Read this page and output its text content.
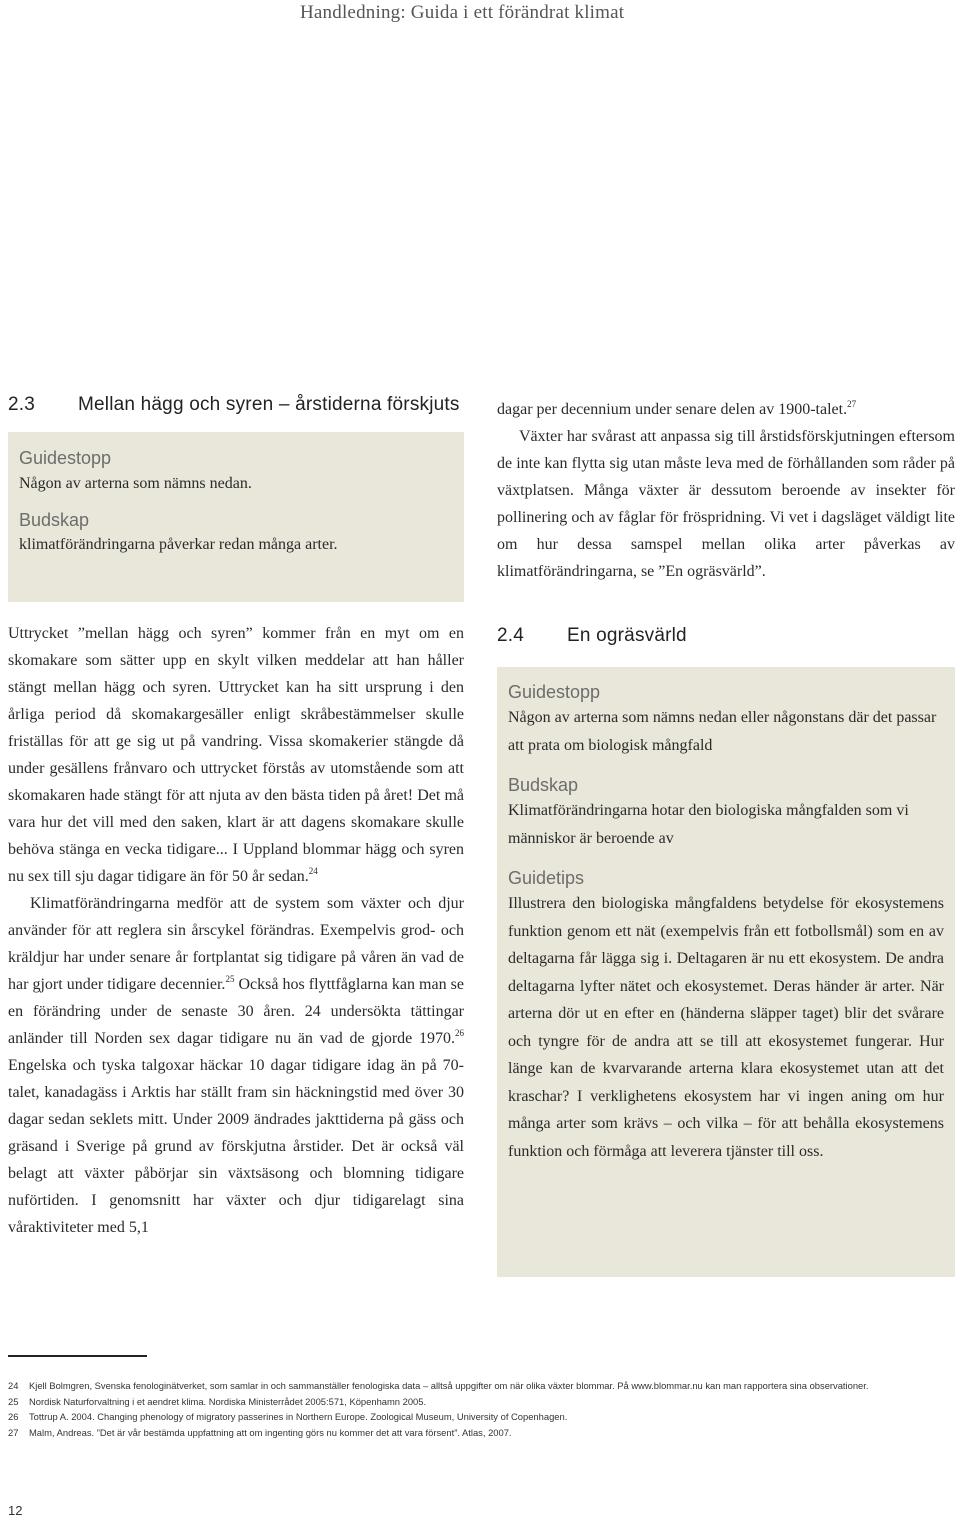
Handledning: Guida i ett förändrat klimat
2.3 Mellan hägg och syren – årstiderna förskjuts

Guidestopp

Någon av arterna som nämns nedan.

Budskap

klimatförändringarna påverkar redan många arter.

Uttrycket ”mellan hägg och syren” kommer från en myt om en skomakare som sätter upp en skylt vilken meddelar att han håller stängt mellan hägg och syren. Uttrycket kan ha sitt ursprung i den årliga period då skomakargesäller enligt skråbestämmelser skulle friställas för att ge sig ut på vandring. Vissa skomakerier stängde då under gesällens frånvaro och uttrycket förstås av utomstående som att skomakaren hade stängt för att njuta av den bästa tiden på året! Det må vara hur det vill med den saken, klart är att dagens skomakare skulle behöva stänga en vecka tidigare... I Uppland blommar hägg och syren nu sex till sju dagar tidigare än för 50 år sedan.$^{24}$

Klimatförändringarna medför att de system som växter och djur använder för att reglera sin årscykel förändras. Exempelvis grod- och kräldjur har under senare år fortplantat sig tidigare på våren än vad de har gjort under tidigare decennier.$^{25}$ Också hos flyttfåglarna kan man se en förändring under de senaste 30 åren. 24 undersökta tättingar anländer till Norden sex dagar tidigare nu än vad de gjorde 1970.26 Engelska och tyska talgoxar häckar 10 dagar tidigare idag än på 70-talet, kanadagäss i Arktis har ställt fram sin häckningstid med över 30 dagar sedan seklets mitt. Under 2009 ändrades jakttiderna på gäss och gräsand i Sverige på grund av förskjutna årstider. Det är också väl belagt att växter påbörjar sin växtsäsong och blomning tidigare nuförtiden. I genomsnitt har växter och djur tidigarelagt sina våraktiviteter med 5,1

dagar per decennium under senare delen av 1900-talet.$^{27}$

Växter har svårast att anpassa sig till årstidsförskjutningen eftersom de inte kan flytta sig utan måste leva med de förhållanden som råder på växtplatsen. Många växter är dessutom beroende av insekter för pollinering och av fåglar för fröspridning. Vi vet i dagsläget väldigt lite om hur dessa samspel mellan olika arter påverkas av klimatförändringarna, se ”En ogräsvärld”.

2.4 En ogräsvärld

Guidestopp

Någon av arterna som nämns nedan eller någonstans där det passar att prata om biologisk mångfald

Budskap

Klimatförändringarna hotar den biologiska mångfalden som vi människor är beroende av

Guidetips

Illustrera den biologiska mångfaldens betydelse för ekosystemens funktion genom ett nät (exempelvis från ett fotbollsmål) som en av deltagarna får lägga sig i. Deltagaren är nu ett ekosystem. De andra deltagarna lyfter nätet och ekosystemet. Deras händer är arter. När arterna dör ut en efter en (händerna släpper taget) blir det svårare och tyngre för de andra att se till att ekosystemet fungerar. Hur länge kan de kvarvarande arterna klara ekosystemet utan att det kraschar? I verklighetens ekosystem har vi ingen aning om hur många arter som krävs – och vilka – för att behålla ekosystemens funktion och förmåga att leverera tjänster till oss.

24 Kjell Bolmgren, Svenska fenologinätverket, som samlar in och sammanställer fenologiska data – alltså uppgifter om när olika växter blommar. På www.blommar.nu kan man rapportera sina observationer.
25 Nordisk Naturforvaltning i et aendret klima. Nordiska Ministerrådet 2005:571, Köpenhamn 2005.
26 Tottrup A. 2004. Changing phenology of migratory passerines in Northern Europe. Zoological Museum, University of Copenhagen.
27 Malm, Andreas. ”Det är vår bestämda uppfattning att om ingenting görs nu kommer det att vara försent”. Atlas, 2007.
12
